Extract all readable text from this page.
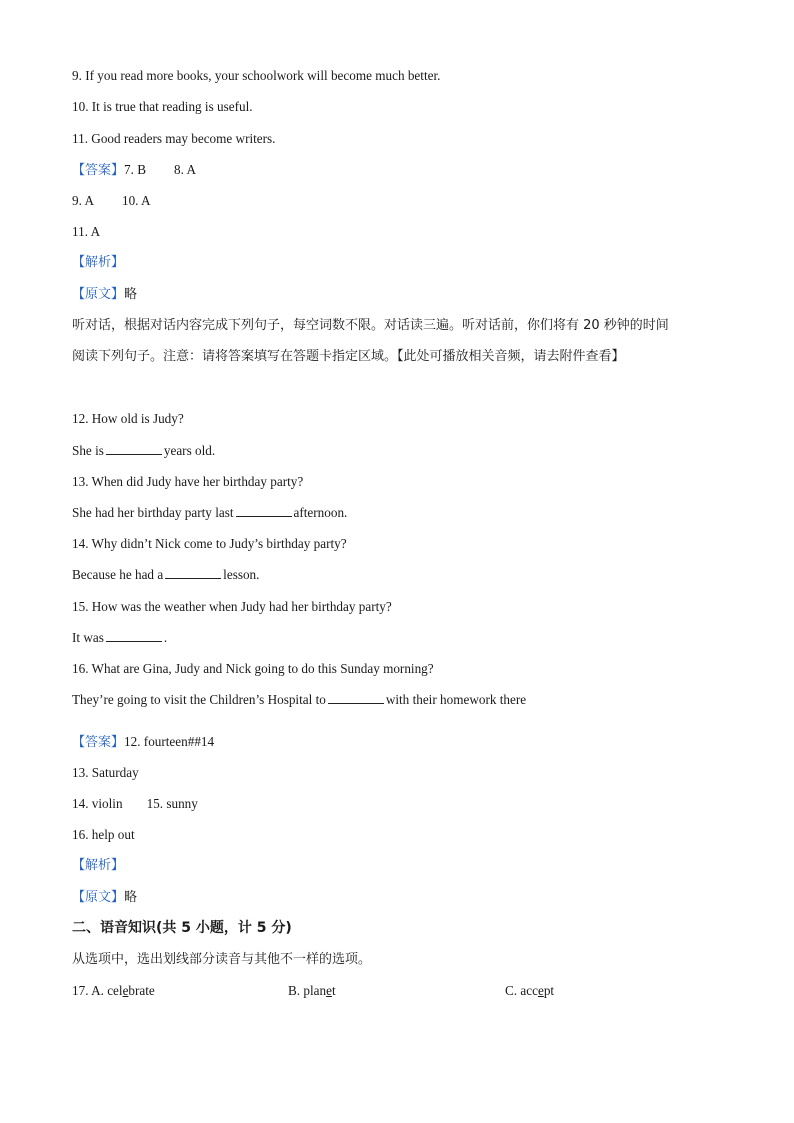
9. If you read more books, your schoolwork will become much better.
10. It is true that reading is useful.
11. Good readers may become writers.
【答案】7. B 8. A
9. A 10. A
11. A
【解析】
【原文】略
听对话，根据对话内容完成下列句子，每空词数不限。对话读三遍。听对话前，你们将有 20 秒钟的时间
阅读下列句子。注意：请将答案填写在答题卡指定区域。【此处可播放相关音频，请去附件查看】
12. How old is Judy?
She is	years old.
13. When did Judy have her birthday party?
She had her birthday party last	afternoon.
14. Why didn’t Nick come to Judy’s birthday party?
Because he had a	lesson.
15. How was the weather when Judy had her birthday party?
It was	.
16. What are Gina, Judy and Nick going to do this Sunday morning?
They’re going to visit the Children’s Hospital to	with their homework there
【答案】12. fourteen##14
13. Saturday
14. violin 15. sunny
16. help out
【解析】
【原文】略
二、语音知识(共 5 小题，计 5 分)
从选项中，选出划线部分读音与其他不一样的选项。
17. A. celebrate	B. planet	C. accept
